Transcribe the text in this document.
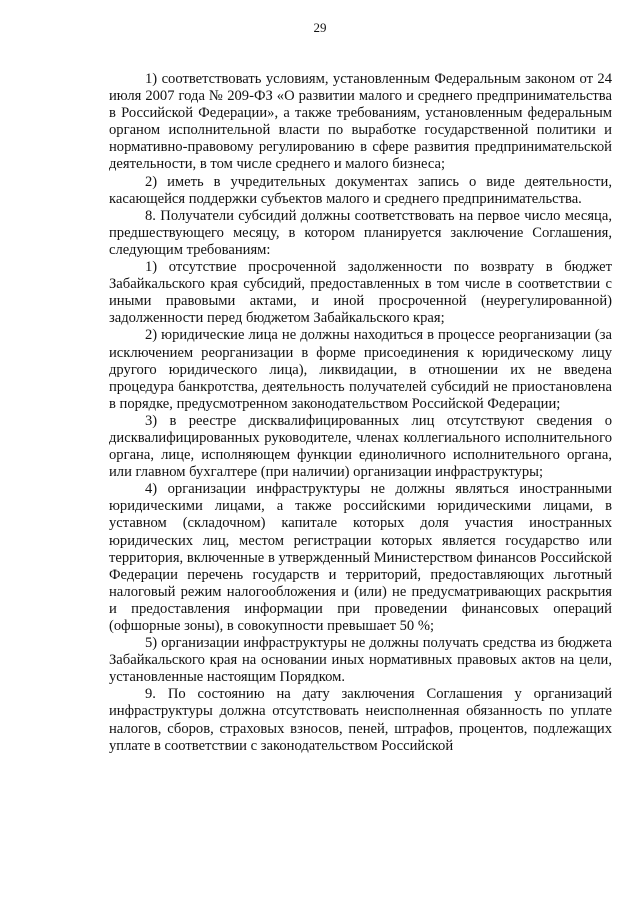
29

1) соответствовать условиям, установленным Федеральным законом от 24 июля 2007 года № 209-ФЗ «О развитии малого и среднего предпринимательства в Российской Федерации», а также требованиям, установленным федеральным органом исполнительной власти по выработке государственной политики и нормативно-правовому регулированию в сфере развития предпринимательской деятельности, в том числе среднего и малого бизнеса;

2) иметь в учредительных документах запись о виде деятельности, касающейся поддержки субъектов малого и среднего предпринимательства.

8. Получатели субсидий должны соответствовать на первое число месяца, предшествующего месяцу, в котором планируется заключение Соглашения, следующим требованиям:

1) отсутствие просроченной задолженности по возврату в бюджет Забайкальского края субсидий, предоставленных в том числе в соответствии с иными правовыми актами, и иной просроченной (неурегулированной) задолженности перед бюджетом Забайкальского края;

2) юридические лица не должны находиться в процессе реорганизации (за исключением реорганизации в форме присоединения к юридическому лицу другого юридического лица), ликвидации, в отношении их не введена процедура банкротства, деятельность получателей субсидий не приостановлена в порядке, предусмотренном законодательством Российской Федерации;

3) в реестре дисквалифицированных лиц отсутствуют сведения о дисквалифицированных руководителе, членах коллегиального исполнительного органа, лице, исполняющем функции единоличного исполнительного органа, или главном бухгалтере (при наличии) организации инфраструктуры;

4) организации инфраструктуры не должны являться иностранными юридическими лицами, а также российскими юридическими лицами, в уставном (складочном) капитале которых доля участия иностранных юридических лиц, местом регистрации которых является государство или территория, включенные в утвержденный Министерством финансов Российской Федерации перечень государств и территорий, предоставляющих льготный налоговый режим налогообложения и (или) не предусматривающих раскрытия и предоставления информации при проведении финансовых операций (офшорные зоны), в совокупности превышает 50 %;

5) организации инфраструктуры не должны получать средства из бюджета Забайкальского края на основании иных нормативных правовых актов на цели, установленные настоящим Порядком.

9. По состоянию на дату заключения Соглашения у организаций инфраструктуры должна отсутствовать неисполненная обязанность по уплате налогов, сборов, страховых взносов, пеней, штрафов, процентов, подлежащих уплате в соответствии с законодательством Российской
